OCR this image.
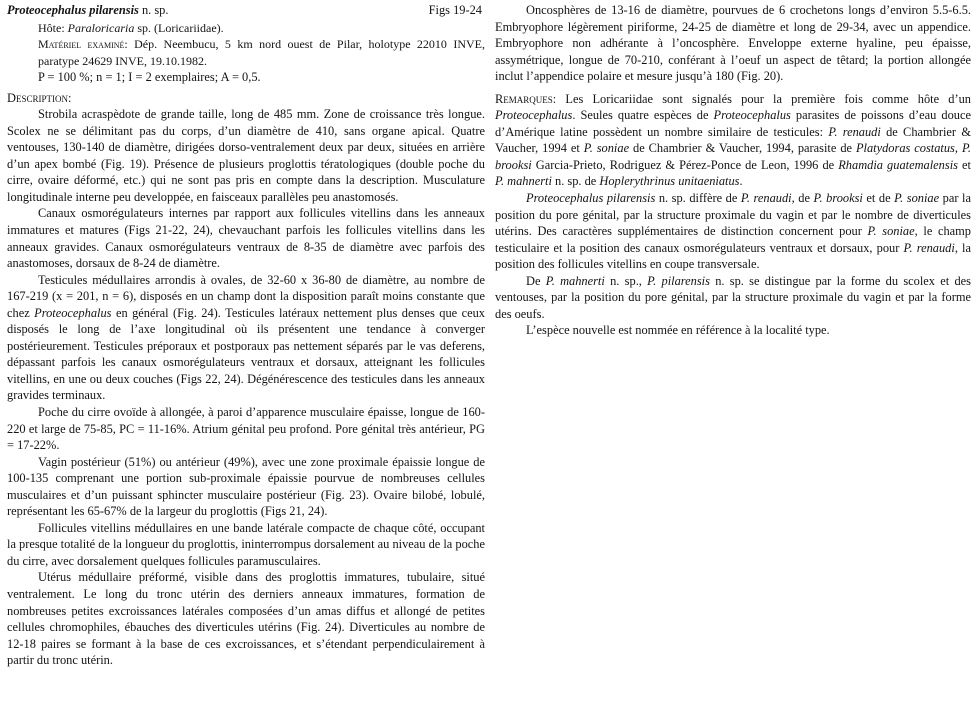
Proteocephalus pilarensis n. sp.	Figs 19-24
Hôte: Paraloricaria sp. (Loricariidae).
Matériel examiné: Dép. Neembucu, 5 km nord ouest de Pilar, holotype 22010 INVE, paratype 24629 INVE, 19.10.1982.
P = 100 %; n = 1; I = 2 exemplaires; A = 0,5.
Description:

Strobila acraspèdote de grande taille, long de 485 mm. Zone de croissance très longue. Scolex ne se délimitant pas du corps, d’un diamètre de 410, sans organe apical. Quatre ventouses, 130-140 de diamètre, dirigées dorso-ventralement deux par deux, situées en arrière d’un apex bombé (Fig. 19). Présence de plusieurs proglottis tératologiques (double poche du cirre, ovaire déformé, etc.) qui ne sont pas pris en compte dans la description. Musculature longitudinale interne peu developpée, en faisceaux parallèles peu anastomosés.

Canaux osmorégulateurs internes par rapport aux follicules vitellins dans les anneaux immatures et matures (Figs 21-22, 24), chevauchant parfois les follicules vitellins dans les anneaux gravides. Canaux osmorégulateurs ventraux de 8-35 de diamètre avec parfois des anastomoses, dorsaux de 8-24 de diamètre.

Testicules médullaires arrondis à ovales, de 32-60 x 36-80 de diamètre, au nombre de 167-219 (x = 201, n = 6), disposés en un champ dont la disposition paraît moins constante que chez Proteocephalus en général (Fig. 24). Testicules latéraux nettement plus denses que ceux disposés le long de l’axe longitudinal où ils présentent une tendance à converger postérieurement. Testicules préporaux et postporaux pas nettement séparés par le vas deferens, dépassant parfois les canaux osmorégulateurs ventraux et dorsaux, atteignant les follicules vitellins, en une ou deux couches (Figs 22, 24). Dégénérescence des testicules dans les anneaux gravides terminaux.

Poche du cirre ovoïde à allongée, à paroi d’apparence musculaire épaisse, longue de 160-220 et large de 75-85, PC = 11-16%. Atrium génital peu profond. Pore génital très antérieur, PG = 17-22%.

Vagin postérieur (51%) ou antérieur (49%), avec une zone proximale épaissie longue de 100-135 comprenant une portion sub-proximale épaissie pourvue de nombreuses cellules musculaires et d’un puissant sphincter musculaire postérieur (Fig. 23). Ovaire bilobé, lobulé, représentant les 65-67% de la largeur du proglottis (Figs 21, 24).

Follicules vitellins médullaires en une bande latérale compacte de chaque côté, occupant la presque totalité de la longueur du proglottis, ininterrompus dorsalement au niveau de la poche du cirre, avec dorsalement quelques follicules paramusculaires.

Utérus médullaire préformé, visible dans des proglottis immatures, tubulaire, situé ventralement. Le long du tronc utérin des derniers anneaux immatures, formation de nombreuses petites excroissances latérales composées d’un amas diffus et allongé de petites cellules chromophiles, ébauches des diverticules utérins (Fig. 24). Diverticules au nombre de 12-18 paires se formant à la base de ces excroissances, et s’étendant perpendiculairement à partir du tronc utérin.

Oncosphères de 13-16 de diamètre, pourvues de 6 crochetons longs d’environ 5.5-6.5. Embryophore légèrement piriforme, 24-25 de diamètre et long de 29-34, avec un appendice. Embryophore non adhérante à l’oncosphère. Enveloppe externe hyaline, peu épaisse, assymétrique, longue de 70-210, conférant à l’oeuf un aspect de têtard; la portion allongée inclut l’appendice polaire et mesure jusqu’à 180 (Fig. 20).

Remarques: Les Loricariidae sont signalés pour la première fois comme hôte d’un Proteocephalus. Seules quatre espèces de Proteocephalus parasites de poissons d’eau douce d’Amérique latine possèdent un nombre similaire de testicules: P. renaudi de Chambrier & Vaucher, 1994 et P. soniae de Chambrier & Vaucher, 1994, parasite de Platydoras costatus, P. brooksi Garcia-Prieto, Rodriguez & Pérez-Ponce de Leon, 1996 de Rhamdia guatemalensis et P. mahnerti n. sp. de Hoplerythrinus unitaeniatus.

Proteocephalus pilarensis n. sp. diffère de P. renaudi, de P. brooksi et de P. soniae par la position du pore génital, par la structure proximale du vagin et par le nombre de diverticules utérins. Des caractères supplémentaires de distinction concernent pour P. soniae, le champ testiculaire et la position des canaux osmorégulateurs ventraux et dorsaux, pour P. renaudi, la position des follicules vitellins en coupe transversale.

De P. mahnerti n. sp., P. pilarensis n. sp. se distingue par la forme du scolex et des ventouses, par la position du pore génital, par la structure proximale du vagin et par la forme des oeufs.

L’espèce nouvelle est nommée en référence à la localité type.
